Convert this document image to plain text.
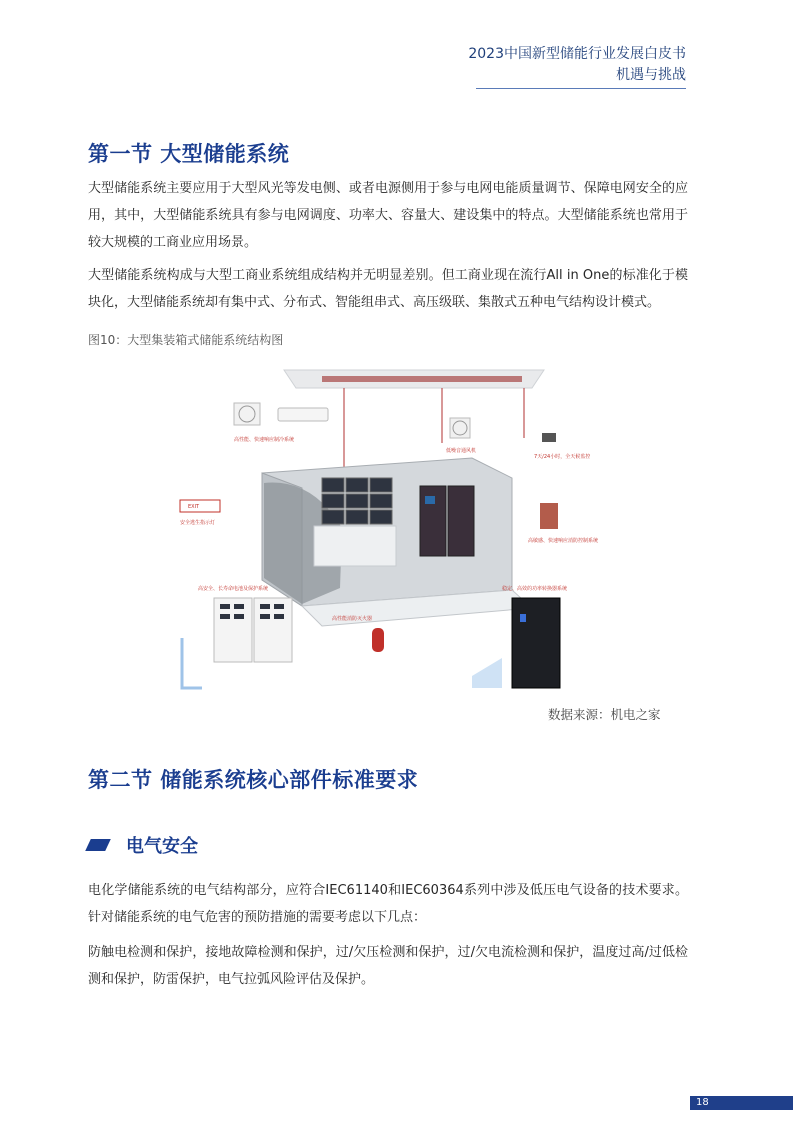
2023中国新型储能行业发展白皮书
机遇与挑战
第一节 大型储能系统
大型储能系统主要应用于大型风光等发电侧、或者电源侧用于参与电网电能质量调节、保障电网安全的应用，其中，大型储能系统具有参与电网调度、功率大、容量大、建设集中的特点。大型储能系统也常用于较大规模的工商业应用场景。
大型储能系统构成与大型工商业系统组成结构并无明显差别。但工商业现在流行All in One的标准化于模块化，大型储能系统却有集中式、分布式、智能组串式、高压级联、集散式五种电气结构设计模式。
图10：大型集装箱式储能系统结构图
高性能、快速响应制冷系统
低噪音通风机
7天/24小时，全天候监控
EXIT
安全逃生指示灯
高敏感、快速响应消防控制系统
高安全、长寿命电池及保护系统
高性能消防灭火器
稳定、高效的功率转换器系统
数据来源：机电之家
第二节 储能系统核心部件标准要求
电气安全
电化学储能系统的电气结构部分，应符合IEC61140和IEC60364系列中涉及低压电气设备的技术要求。针对储能系统的电气危害的预防措施的需要考虑以下几点：
防触电检测和保护，接地故障检测和保护，过/欠压检测和保护，过/欠电流检测和保护，温度过高/过低检测和保护，防雷保护，电气拉弧风险评估及保护。
18
